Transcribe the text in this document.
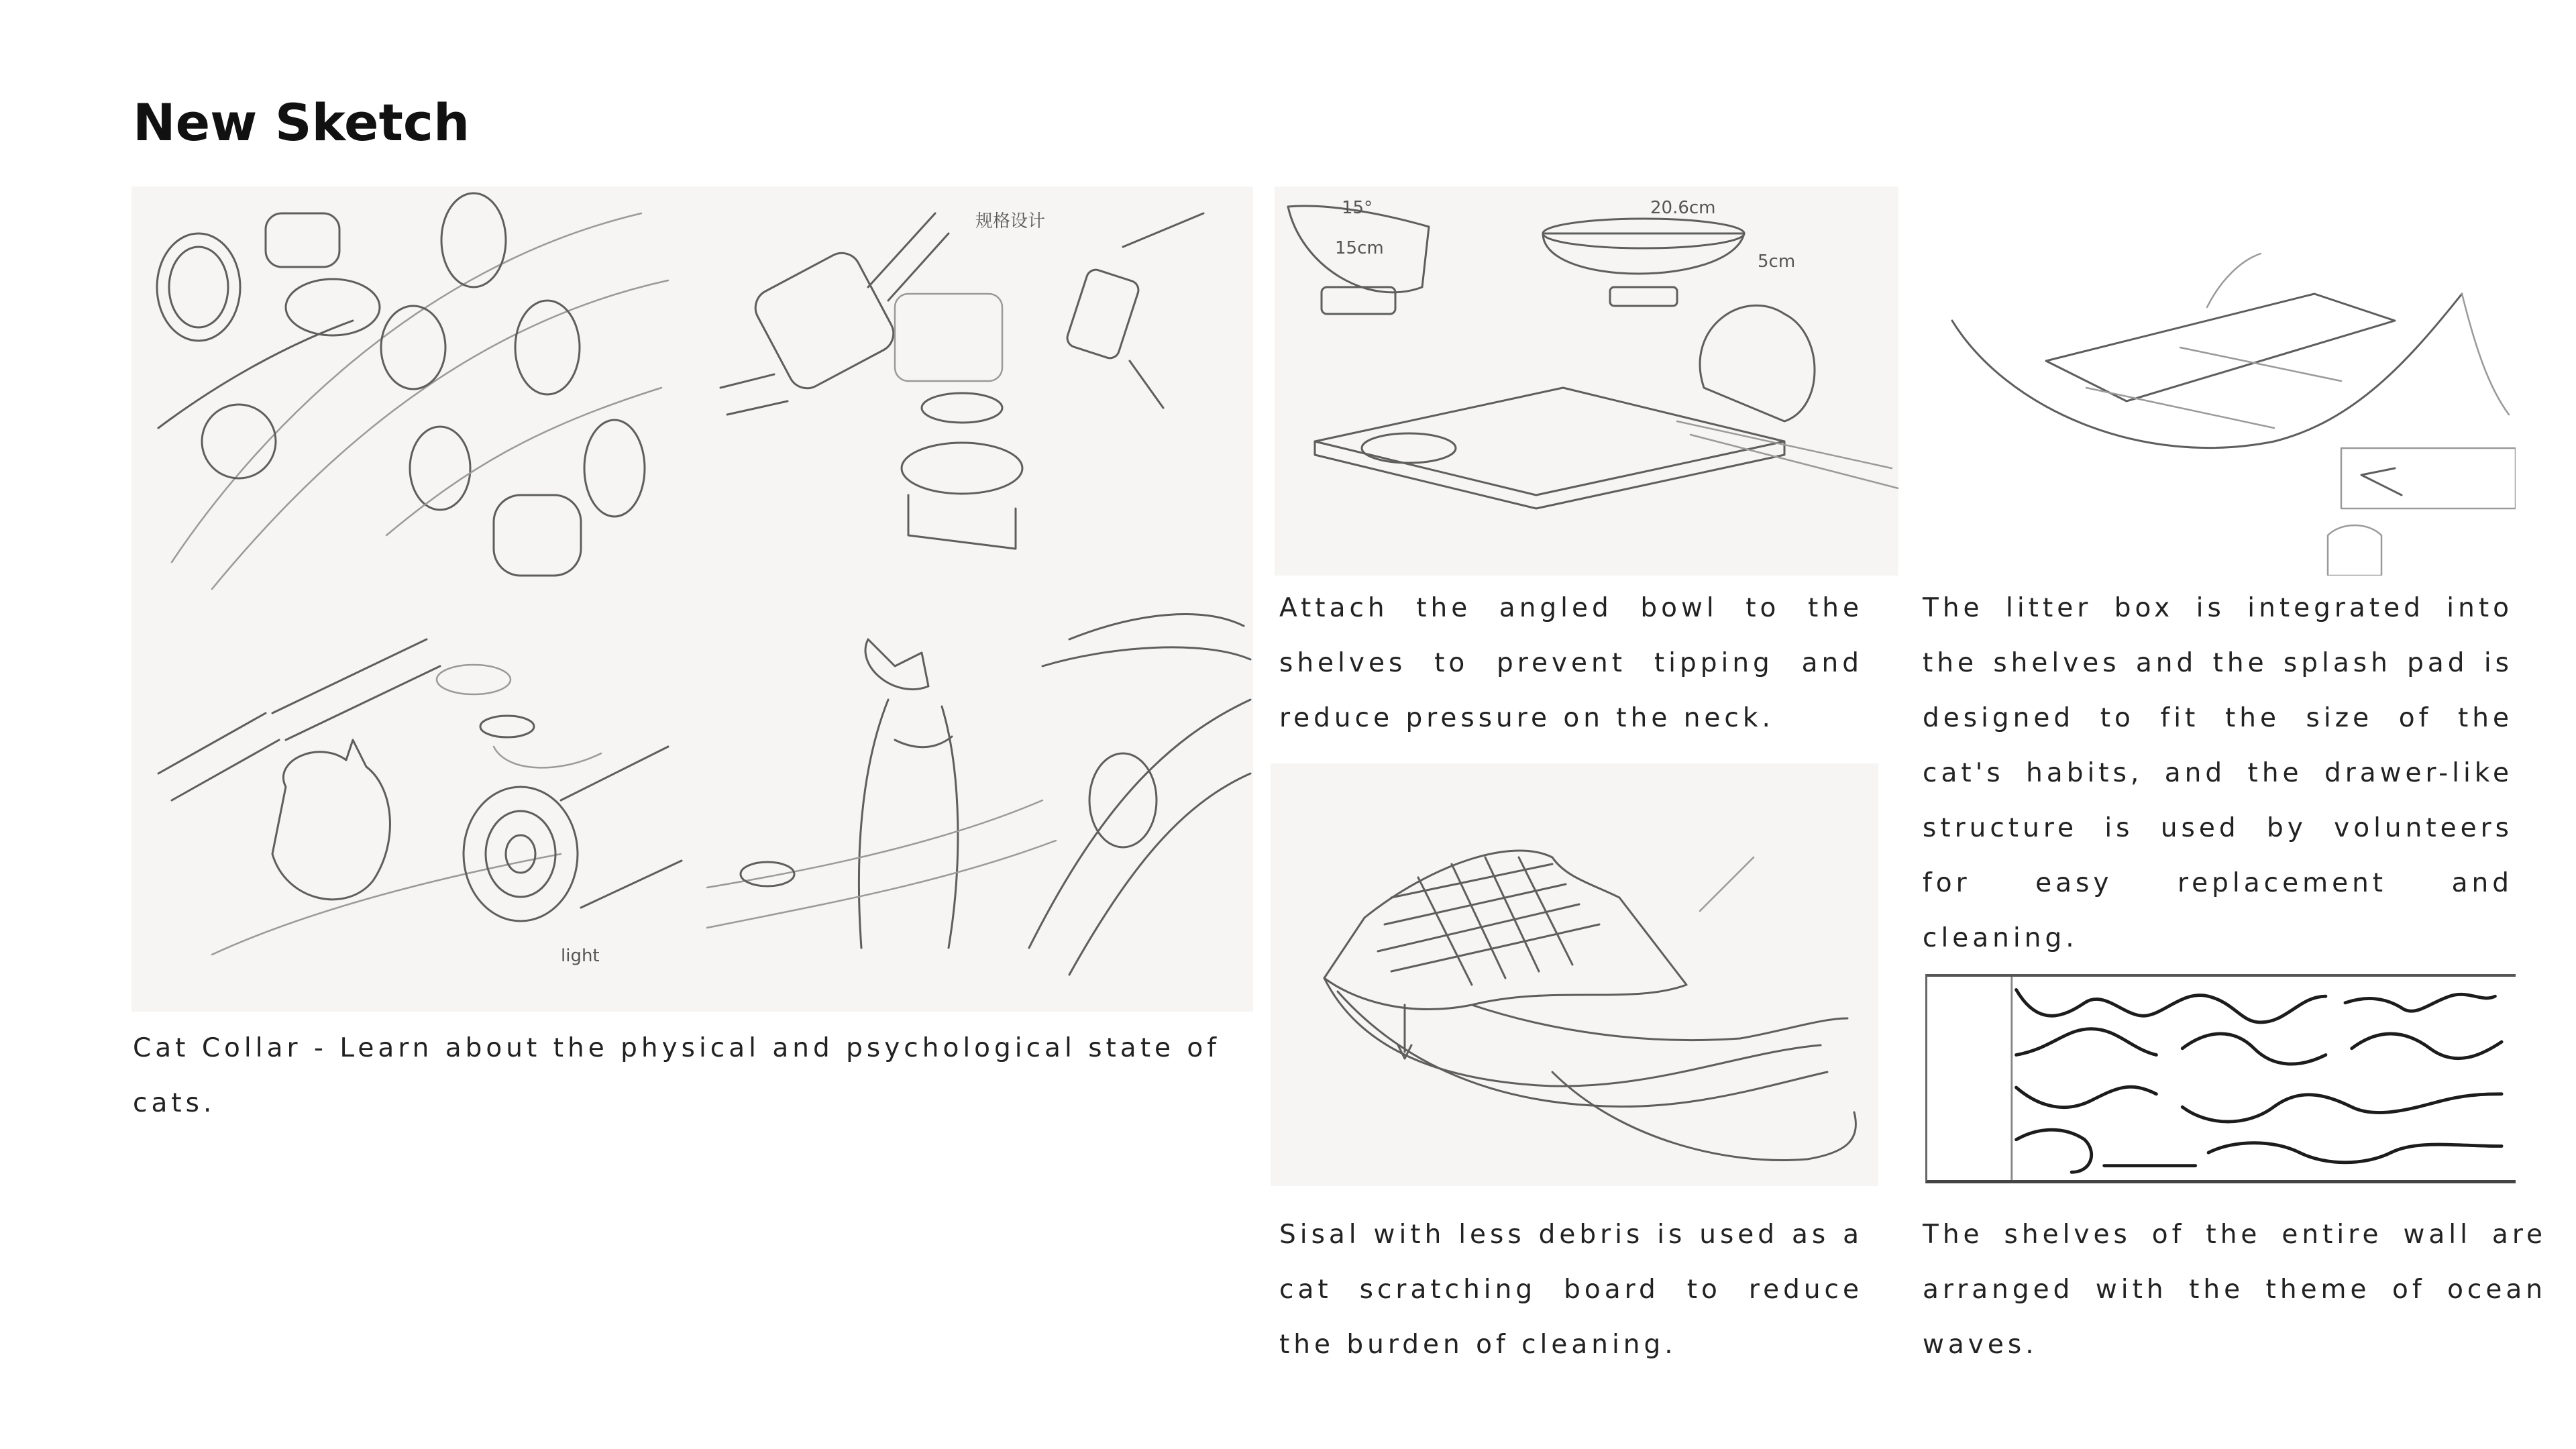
New Sketch
规格设计
light

Cat Collar - Learn about the physical and psychological state of cats.

20.6cm
5cm
15cm
15°

Attach the angled bowl to the shelves to prevent tipping and reduce pressure on the neck.

The litter box is integrated into the shelves and the splash pad is designed to fit the size of the cat's habits, and the drawer-like structure is used by volunteers for easy replacement and cleaning.

Sisal with less debris is used as a cat scratching board to reduce the burden of cleaning.

The shelves of the entire wall are arranged with the theme of ocean waves.
